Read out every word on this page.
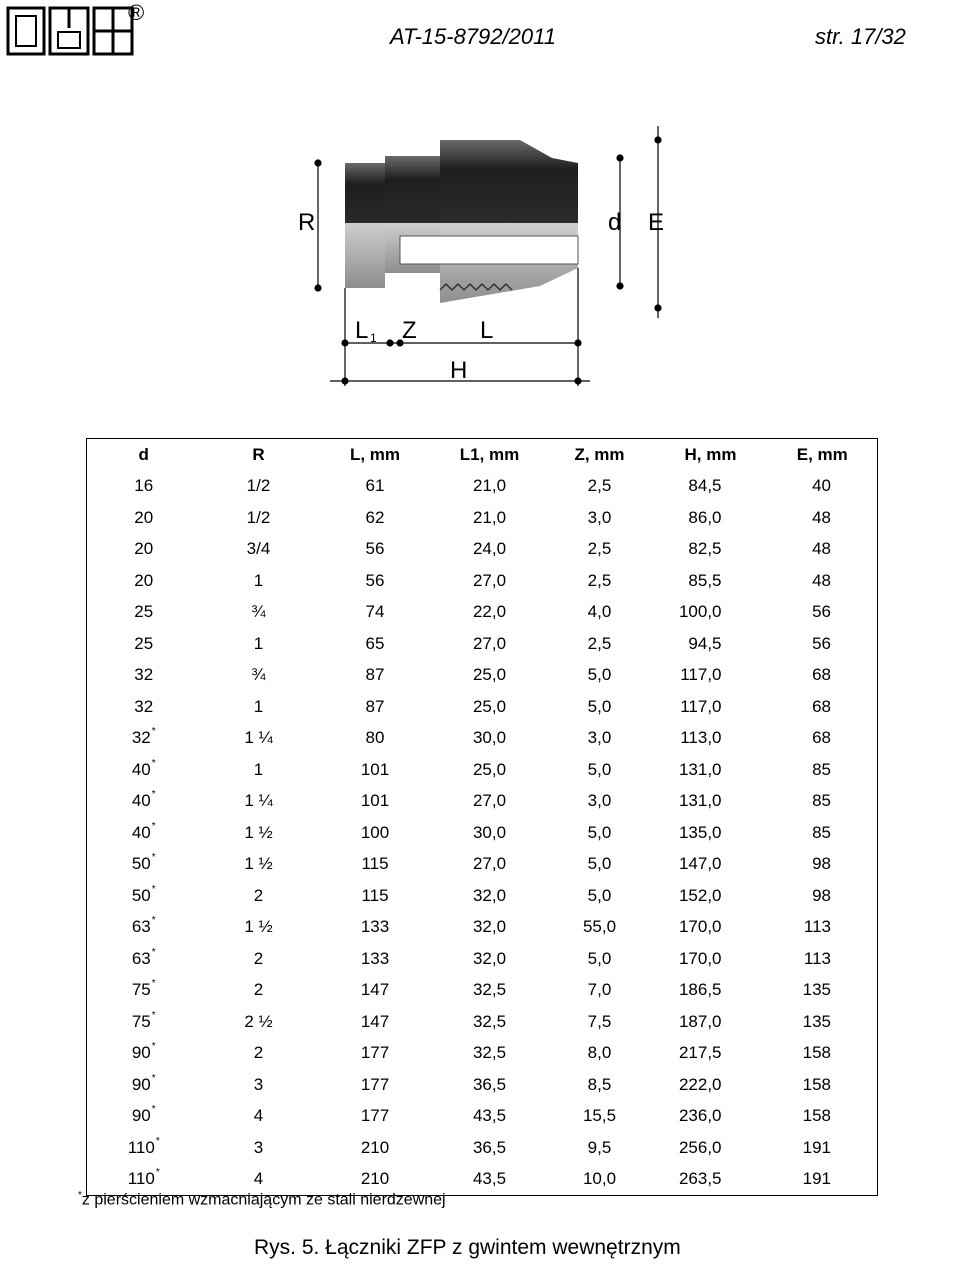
®
AT-15-8792/2011	str. 17/32
R	d E
L 1 Z	L
H
d	R	L, mm	L1, mm	Z, mm	H, mm	E, mm
16	1/2	61	21,0	2,5	84,5	40
20	1/2	62	21,0	3,0	86,0	48
20	3/4	56	24,0	2,5	82,5	48
20	1	56	27,0	2,5	85,5	48
25	¾	74	22,0	4,0	100,0	56
25	1	65	27,0	2,5	94,5	56
32	¾	87	25,0	5,0	117,0	68
32	1	87	25,0	5,0	117,0	68
32*	1 ¼	80	30,0	3,0	113,0	68
40*	1	101	25,0	5,0	131,0	85
40*	1 ¼	101	27,0	3,0	131,0	85
40*	1 ½	100	30,0	5,0	135,0	85
50*	1 ½	115	27,0	5,0	147,0	98
50*	2	115	32,0	5,0	152,0	98
63*	1 ½	133	32,0	55,0	170,0	113
63*	2	133	32,0	5,0	170,0	113
75*	2	147	32,5	7,0	186,5	135
75*	2 ½	147	32,5	7,5	187,0	135
90*	2	177	32,5	8,0	217,5	158
90*	3	177	36,5	8,5	222,0	158
90*	4	177	43,5	15,5	236,0	158
110*	3	210	36,5	9,5	256,0	191
110*	4	210	43,5	10,0	263,5	191
*z pierścieniem wzmacniającym ze stali nierdzewnej
Rys. 5. Łączniki ZFP z gwintem wewnętrznym
